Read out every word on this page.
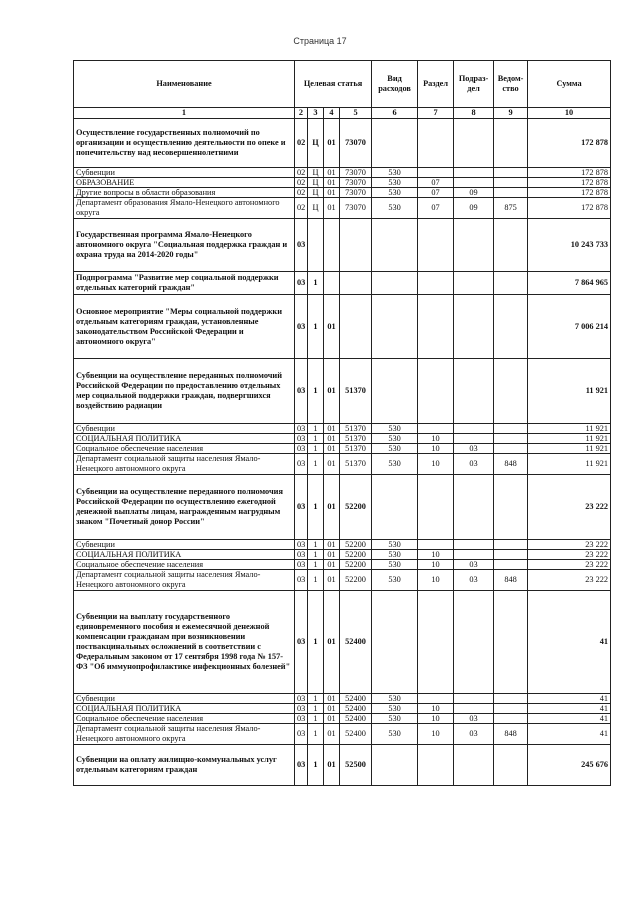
Страница 17
Наименование	Целевая статья				Вид расходов	Раздел	Подраз- дел	Ведом- ство	Сумма
1	2	3	4	5	6	7	8	9	10
Осуществление государственных полномочий по организации и осуществлению деятельности по опеке и попечительству над несовершеннолетними	02	Ц	01	73070					172 878
Субвенции	02	Ц	01	73070	530				172 878
ОБРАЗОВАНИЕ	02	Ц	01	73070	530	07			172 878
Другие вопросы в области образования	02	Ц	01	73070	530	07	09		172 878
Департамент образования Ямало-Ненецкого автономного округа	02	Ц	01	73070	530	07	09	875	172 878
Государственная программа Ямало-Ненецкого автономного округа "Социальная поддержка граждан и охрана труда на 2014-2020 годы"	03								10 243 733
Подпрограмма "Развитие мер социальной поддержки отдельных категорий граждан"	03	1							7 864 965
Основное мероприятие "Меры социальной поддержки отдельным категориям граждан, установленные законодательством Российской Федерации и автономного округа"	03	1	01						7 006 214
Субвенции на осуществление переданных полномочий Российской Федерации по предоставлению отдельных мер социальной поддержки граждан, подвергшихся воздействию радиации	03	1	01	51370					11 921
Субвенции	03	1	01	51370	530				11 921
СОЦИАЛЬНАЯ ПОЛИТИКА	03	1	01	51370	530	10			11 921
Социальное обеспечение населения	03	1	01	51370	530	10	03		11 921
Департамент социальной защиты населения Ямало-Ненецкого автономного округа	03	1	01	51370	530	10	03	848	11 921
Субвенции на осуществление переданного полномочия Российской Федерации по осуществлению ежегодной денежной выплаты лицам, награжденным нагрудным знаком "Почетный донор России"	03	1	01	52200					23 222
Субвенции	03	1	01	52200	530				23 222
СОЦИАЛЬНАЯ ПОЛИТИКА	03	1	01	52200	530	10			23 222
Социальное обеспечение населения	03	1	01	52200	530	10	03		23 222
Департамент социальной защиты населения Ямало-Ненецкого автономного округа	03	1	01	52200	530	10	03	848	23 222
Субвенции на выплату государственного единовременного пособия и ежемесячной денежной компенсации гражданам при возникновении поствакцинальных осложнений в соответствии с Федеральным законом от 17 сентября 1998 года № 157-ФЗ "Об иммунопрофилактике инфекционных болезней"	03	1	01	52400					41
Субвенции	03	1	01	52400	530				41
СОЦИАЛЬНАЯ ПОЛИТИКА	03	1	01	52400	530	10			41
Социальное обеспечение населения	03	1	01	52400	530	10	03		41
Департамент социальной защиты населения Ямало-Ненецкого автономного округа	03	1	01	52400	530	10	03	848	41
Субвенции на оплату жилищно-коммунальных услуг отдельным категориям граждан	03	1	01	52500					245 676
